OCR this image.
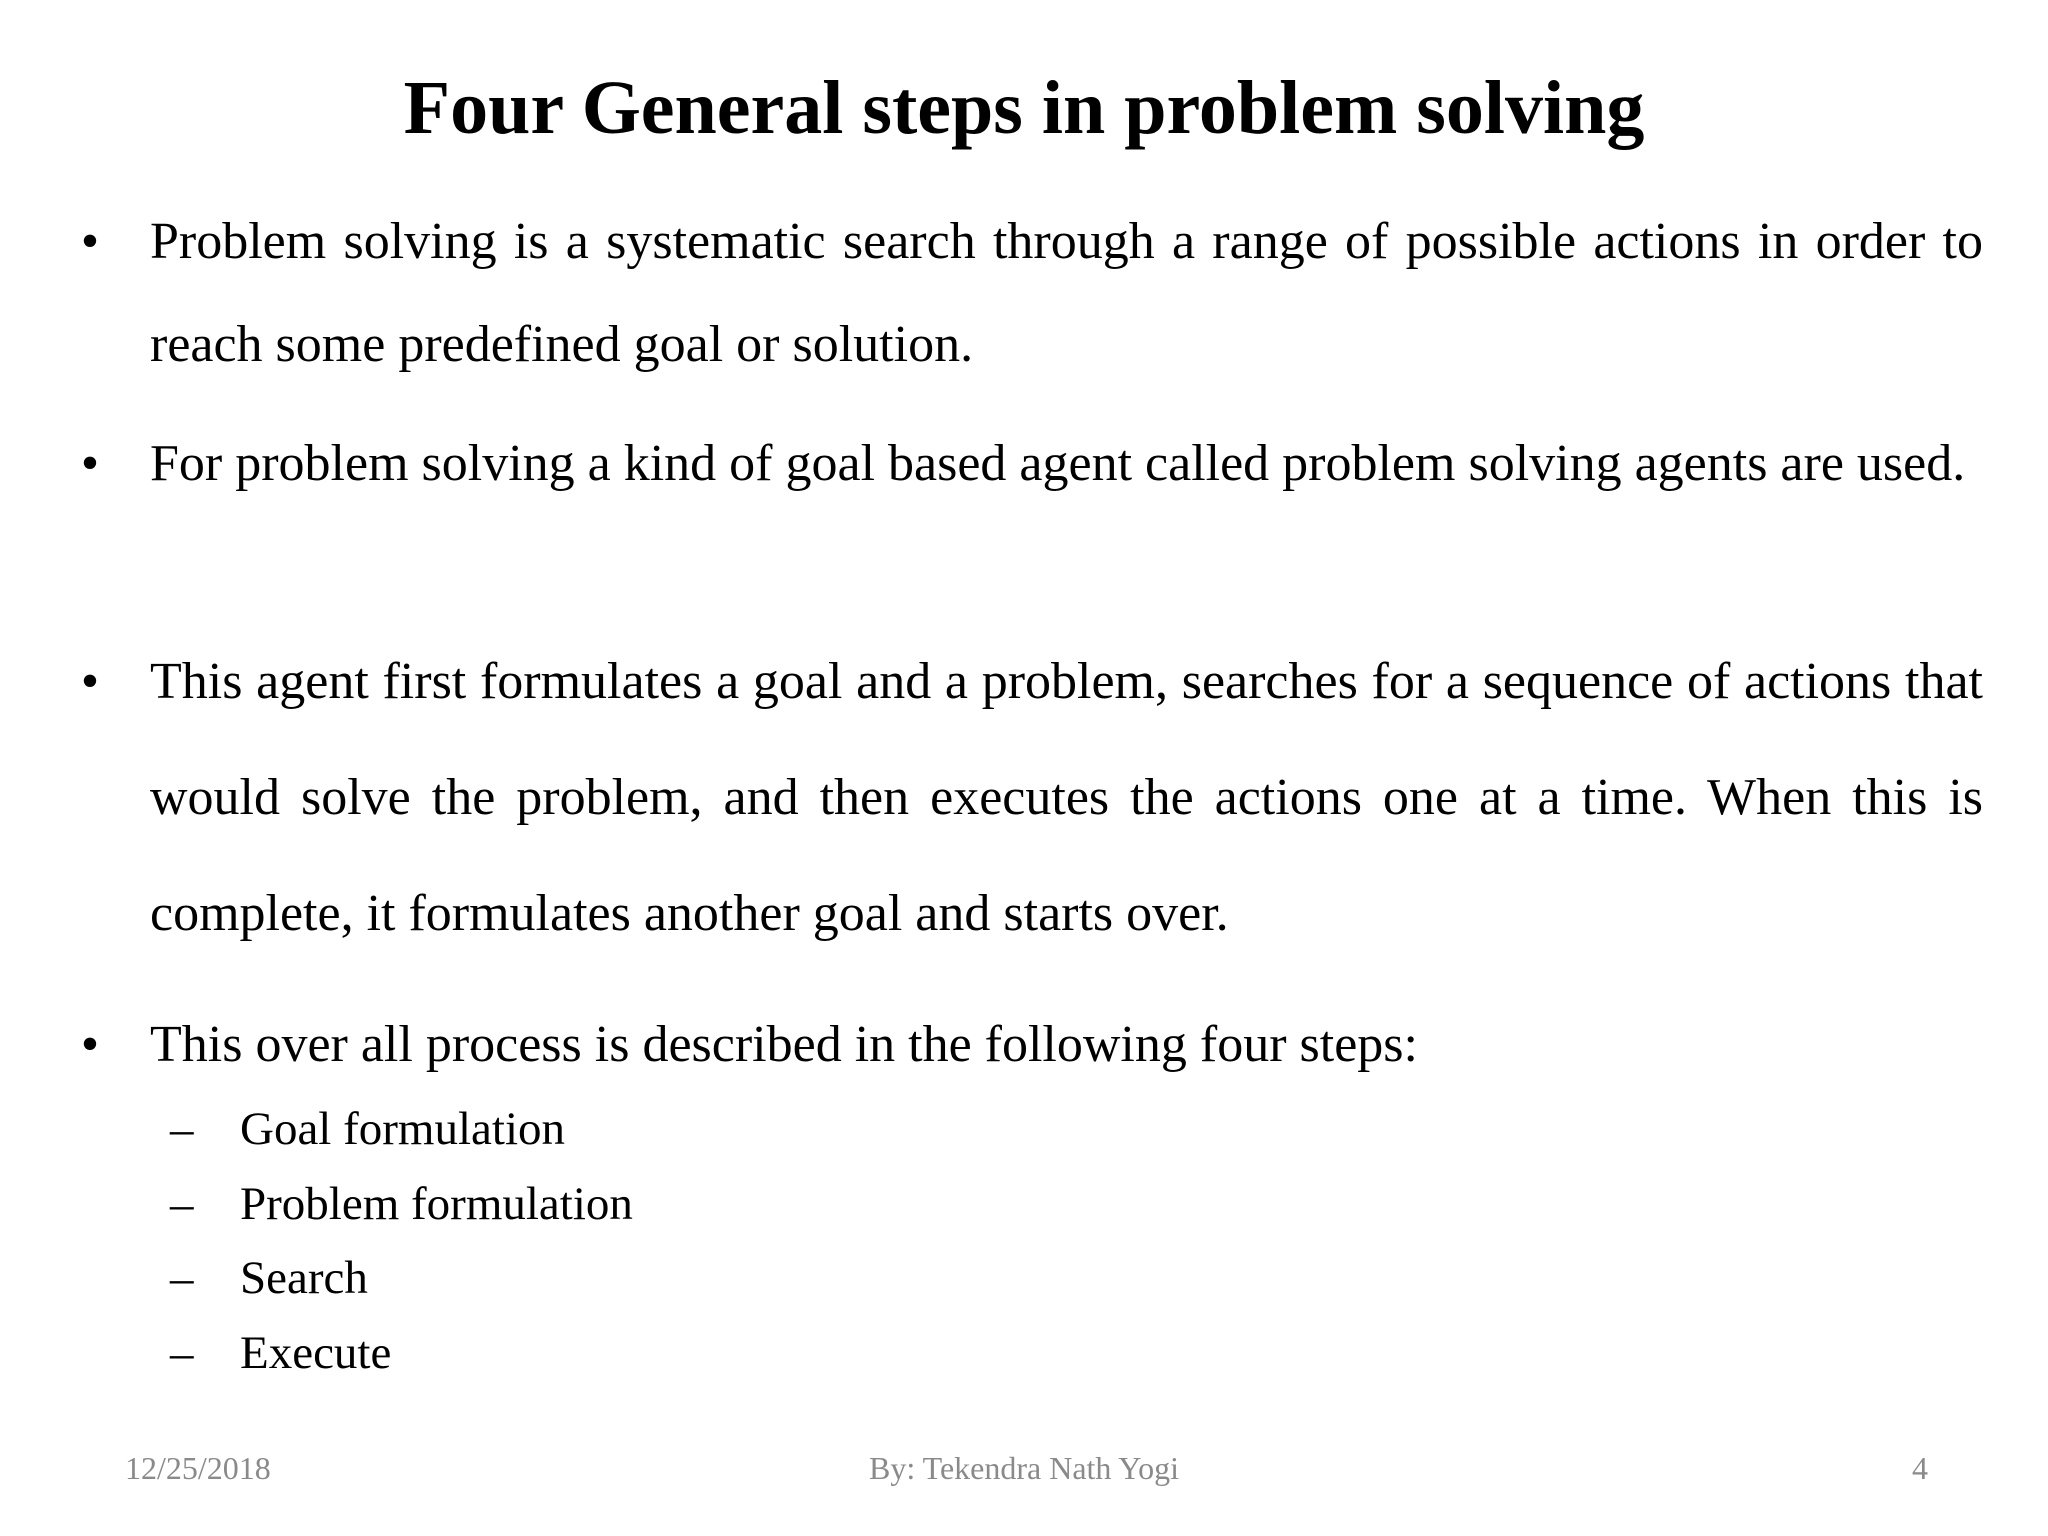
Four General steps in problem solving
• Problem solving is a systematic search through a range of possible actions in order to reach some predefined goal or solution.

• For problem solving a kind of goal based agent called problem solving agents are used.

• This agent first formulates a goal and a problem, searches for a sequence of actions that would solve the problem, and then executes the actions one at a time. When this is complete, it formulates another goal and starts over.

• This over all process is described in the following four steps:

– Goal formulation
– Problem formulation
– Search
– Execute
12/25/2018	By: Tekendra Nath Yogi	4
